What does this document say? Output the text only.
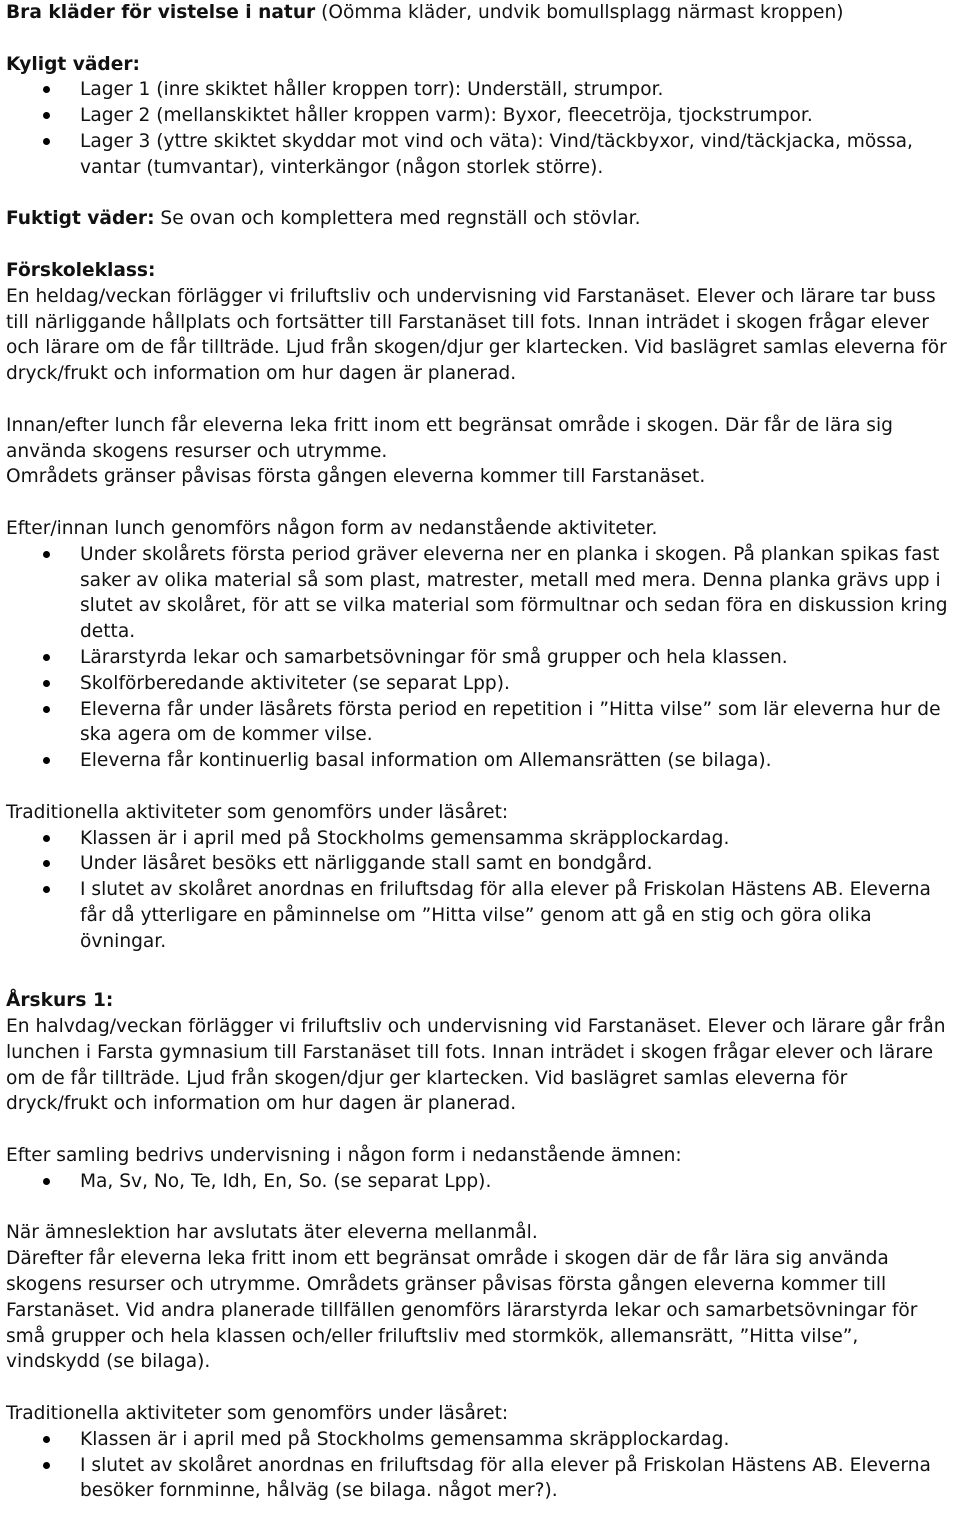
Bra kläder för vistelse i natur (Oömma kläder, undvik bomullsplagg närmast kroppen)

Kyligt väder:

Lager 1 (inre skiktet håller kroppen torr): Underställ, strumpor.
Lager 2 (mellanskiktet håller kroppen varm): Byxor, fleecetröja, tjockstrumpor.
Lager 3 (yttre skiktet skyddar mot vind och väta): Vind/täckbyxor, vind/täckjacka, mössa, vantar (tumvantar), vinterkängor (någon storlek större).

Fuktigt väder: Se ovan och komplettera med regnställ och stövlar.

Förskoleklass:

En heldag/veckan förlägger vi friluftsliv och undervisning vid Farstanäset. Elever och lärare tar buss till närliggande hållplats och fortsätter till Farstanäset till fots. Innan inträdet i skogen frågar elever och lärare om de får tillträde. Ljud från skogen/djur ger klartecken. Vid baslägret samlas eleverna för dryck/frukt och information om hur dagen är planerad.

Innan/efter lunch får eleverna leka fritt inom ett begränsat område i skogen. Där får de lära sig använda skogens resurser och utrymme.

Områdets gränser påvisas första gången eleverna kommer till Farstanäset.

Efter/innan lunch genomförs någon form av nedanstående aktiviteter.

Under skolårets första period gräver eleverna ner en planka i skogen. På plankan spikas fast saker av olika material så som plast, matrester, metall med mera. Denna planka grävs upp i slutet av skolåret, för att se vilka material som förmultnar och sedan föra en diskussion kring detta.
Lärarstyrda lekar och samarbetsövningar för små grupper och hela klassen.
Skolförberedande aktiviteter (se separat Lpp).
Eleverna får under läsårets första period en repetition i ”Hitta vilse” som lär eleverna hur de ska agera om de kommer vilse.
Eleverna får kontinuerlig basal information om Allemansrätten (se bilaga).

Traditionella aktiviteter som genomförs under läsåret:

Klassen är i april med på Stockholms gemensamma skräpplockardag.
Under läsåret besöks ett närliggande stall samt en bondgård.
I slutet av skolåret anordnas en friluftsdag för alla elever på Friskolan Hästens AB. Eleverna får då ytterligare en påminnelse om ”Hitta vilse” genom att gå en stig och göra olika övningar.

Årskurs 1:

En halvdag/veckan förlägger vi friluftsliv och undervisning vid Farstanäset. Elever och lärare går från lunchen i Farsta gymnasium till Farstanäset till fots. Innan inträdet i skogen frågar elever och lärare om de får tillträde. Ljud från skogen/djur ger klartecken. Vid baslägret samlas eleverna för dryck/frukt och information om hur dagen är planerad.

Efter samling bedrivs undervisning i någon form i nedanstående ämnen:

Ma, Sv, No, Te, Idh, En, So. (se separat Lpp).

När ämneslektion har avslutats äter eleverna mellanmål.

Därefter får eleverna leka fritt inom ett begränsat område i skogen där de får lära sig använda skogens resurser och utrymme. Områdets gränser påvisas första gången eleverna kommer till Farstanäset. Vid andra planerade tillfällen genomförs lärarstyrda lekar och samarbetsövningar för små grupper och hela klassen och/eller friluftsliv med stormkök, allemansrätt, ”Hitta vilse”, vindskydd (se bilaga).

Traditionella aktiviteter som genomförs under läsåret:

Klassen är i april med på Stockholms gemensamma skräpplockardag.
I slutet av skolåret anordnas en friluftsdag för alla elever på Friskolan Hästens AB. Eleverna besöker fornminne, hålväg (se bilaga. något mer?).
